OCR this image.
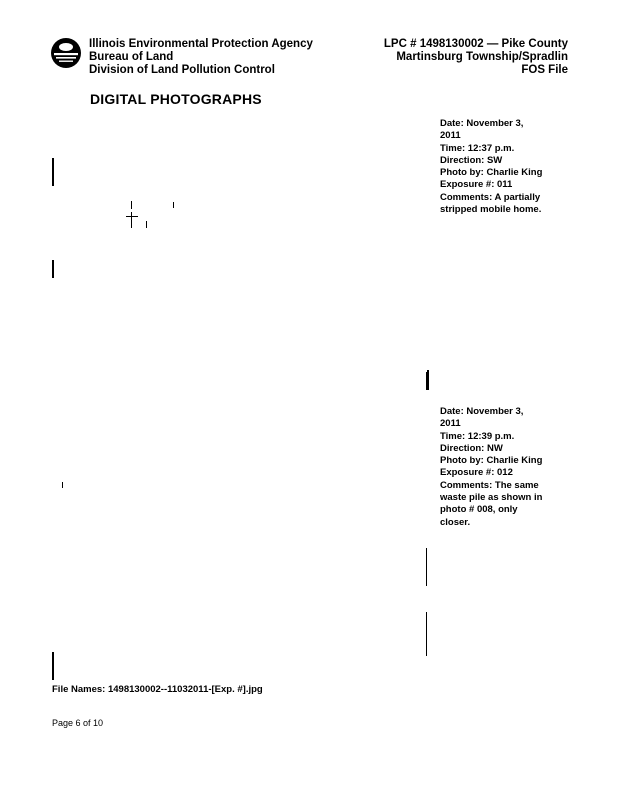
Illinois Environmental Protection Agency
Bureau of Land
Division of Land Pollution Control
LPC # 1498130002 — Pike County
Martinsburg Township/Spradlin
FOS File
DIGITAL PHOTOGRAPHS
Date: November 3,
2011
Time: 12:37 p.m.
Direction: SW
Photo by: Charlie King
Exposure #: 011
Comments: A partially
stripped mobile home.
Date: November 3,
2011
Time: 12:39 p.m.
Direction: NW
Photo by: Charlie King
Exposure #: 012
Comments: The same
waste pile as shown in
photo # 008, only
closer.
File Names: 1498130002--11032011-[Exp. #].jpg
Page 6 of 10
